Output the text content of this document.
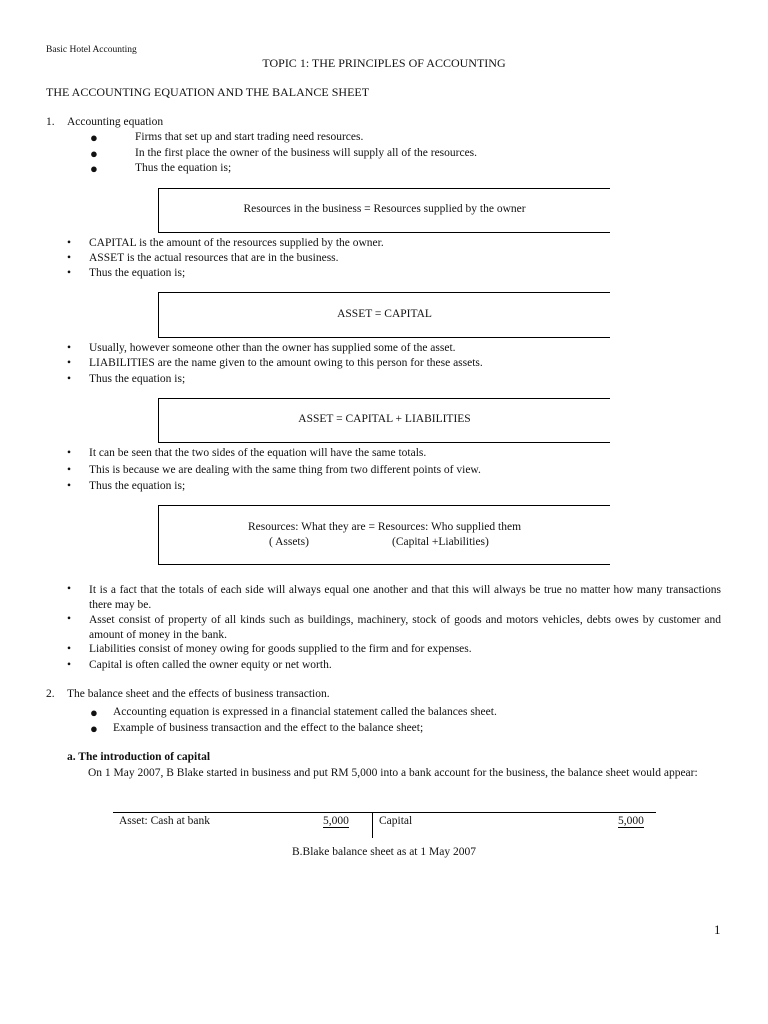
Basic Hotel Accounting
TOPIC 1: THE PRINCIPLES OF ACCOUNTING
THE ACCOUNTING EQUATION AND THE BALANCE SHEET
1. Accounting equation
●	Firms that set up and start trading need resources.
●	In the first place the owner of the business will supply all of the resources.
●	Thus the equation is;
Resources in the business = Resources supplied by the owner
• CAPITAL is the amount of the resources supplied by the owner.
• ASSET is the actual resources that are in the business.
• Thus the equation is;
ASSET = CAPITAL
• Usually, however someone other than the owner has supplied some of the asset.
• LIABILITIES are the name given to the amount owing to this person for these assets.
• Thus the equation is;
ASSET = CAPITAL + LIABILITIES
• It can be seen that the two sides of the equation will have the same totals.
• This is because we are dealing with the same thing from two different points of view.
• Thus the equation is;
Resources: What they are = Resources: Who supplied them
( Assets)	(Capital +Liabilities)
• It is a fact that the totals of each side will always equal one another and that this will always be true no matter how many transactions there may be.
• Asset consist of property of all kinds such as buildings, machinery, stock of goods and motors vehicles, debts owes by customer and amount of money in the bank.
• Liabilities consist of money owing for goods supplied to the firm and for expenses.
• Capital is often called the owner equity or net worth.
2. The balance sheet and the effects of business transaction.
● Accounting equation is expressed in a financial statement called the balances sheet.
● Example of business transaction and the effect to the balance sheet;
a. The introduction of capital
On 1 May 2007, B Blake started in business and put RM 5,000 into a bank account for the business, the balance sheet would appear:
Asset: Cash at bank	5,000	Capital	5,000
B.Blake balance sheet as at 1 May 2007
1
